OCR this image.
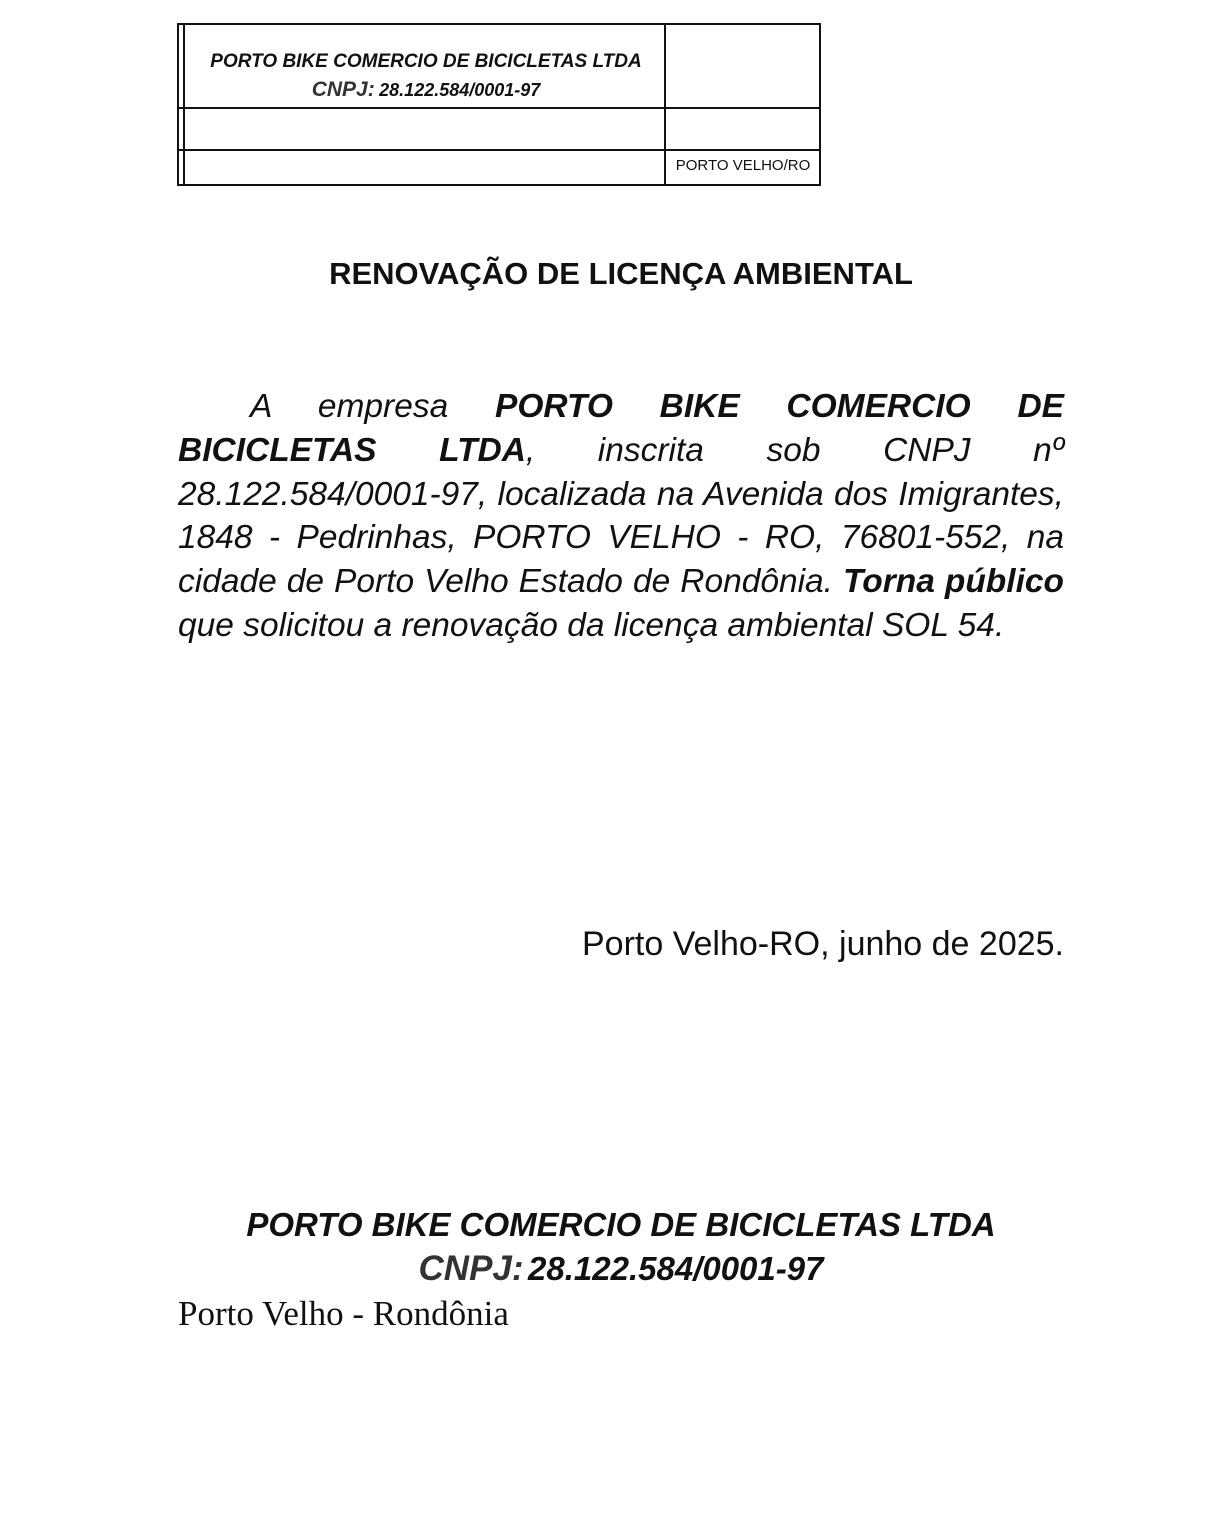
PORTO BIKE COMERCIO DE BICICLETAS LTDA
CNPJ: 28.122.584/0001-97
PORTO VELHO/RO
RENOVAÇÃO DE LICENÇA AMBIENTAL

A empresa PORTO BIKE COMERCIO DE BICICLETAS LTDA, inscrita sob CNPJ nº 28.122.584/0001-97, localizada na Avenida dos Imigrantes, 1848 - Pedrinhas, PORTO VELHO - RO, 76801-552, na cidade de Porto Velho Estado de Rondônia. Torna público que solicitou a renovação da licença ambiental SOL 54.

Porto Velho-RO, junho de 2025.
PORTO BIKE COMERCIO DE BICICLETAS LTDA
CNPJ: 28.122.584/0001-97
Porto Velho - Rondônia
